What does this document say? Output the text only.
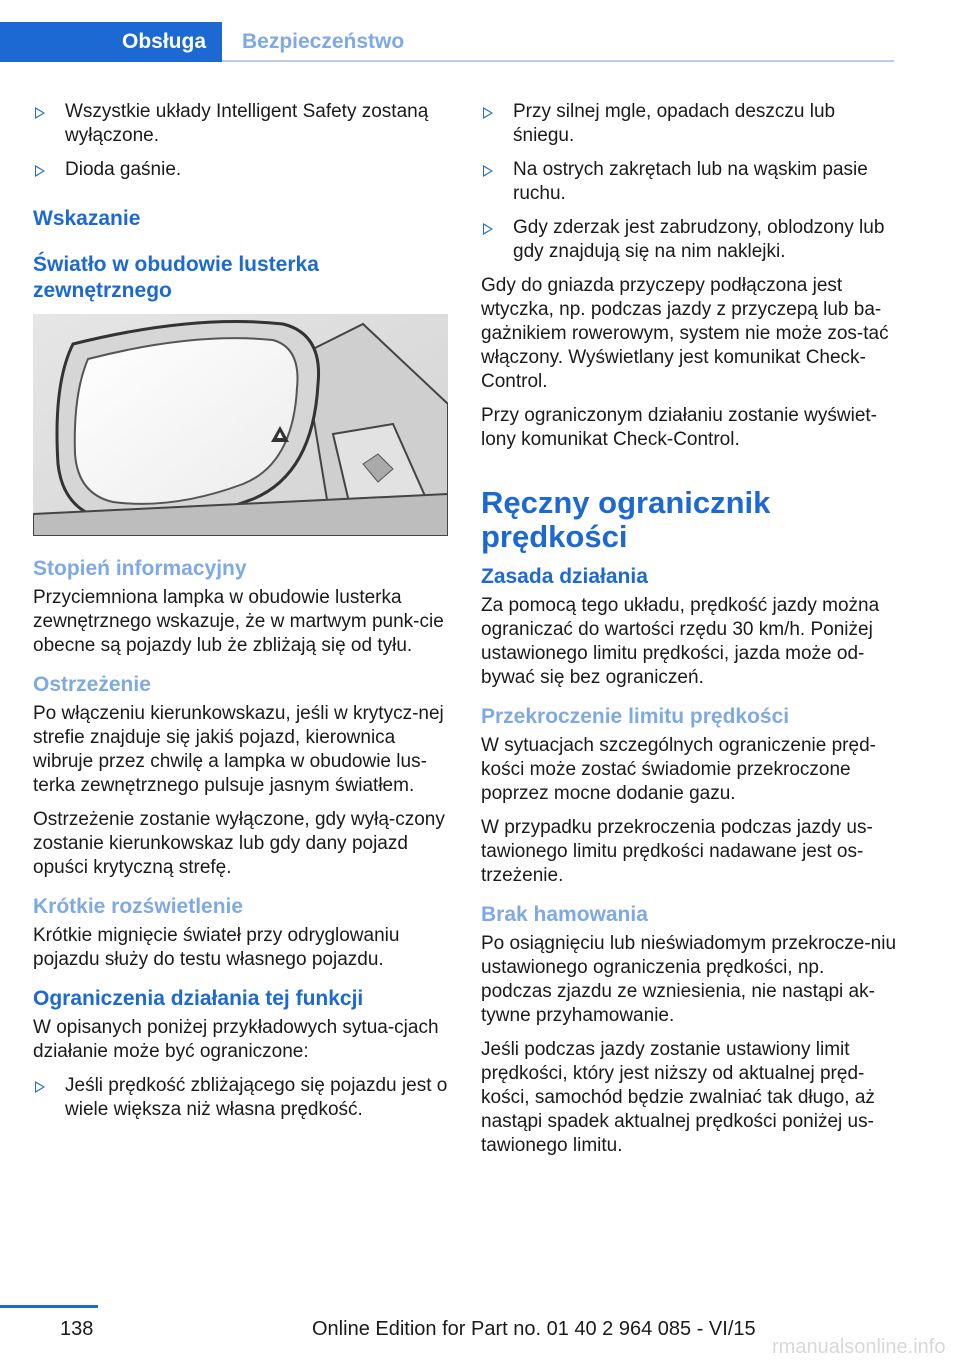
Obsługa	Bezpieczeństwo
Wszystkie układy Intelligent Safety zostaną wyłączone.
Dioda gaśnie.
Wskazanie
Światło w obudowie lusterka zewnętrznego
Stopień informacyjny

Przyciemniona lampka w obudowie lusterka zewnętrznego wskazuje, że w martwym punk-cie obecne są pojazdy lub że zbliżają się od tyłu.

Ostrzeżenie

Po włączeniu kierunkowskazu, jeśli w krytycz-nej strefie znajduje się jakiś pojazd, kierownica wibruje przez chwilę a lampka w obudowie lus-terka zewnętrznego pulsuje jasnym światłem.

Ostrzeżenie zostanie wyłączone, gdy wyłą-czony zostanie kierunkowskaz lub gdy dany pojazd opuści krytyczną strefę.

Krótkie rozświetlenie

Krótkie mignięcie świateł przy odryglowaniu pojazdu służy do testu własnego pojazdu.

Ograniczenia działania tej funkcji

W opisanych poniżej przykładowych sytua-cjach działanie może być ograniczone:

Jeśli prędkość zbliżającego się pojazdu jest o wiele większa niż własna prędkość.
Przy silnej mgle, opadach deszczu lub śniegu.
Na ostrych zakrętach lub na wąskim pasie ruchu.
Gdy zderzak jest zabrudzony, oblodzony lub gdy znajdują się na nim naklejki.

Gdy do gniazda przyczepy podłączona jest wtyczka, np. podczas jazdy z przyczepą lub ba-gażnikiem rowerowym, system nie może zos-tać włączony. Wyświetlany jest komunikat Check-Control.

Przy ograniczonym działaniu zostanie wyświet-lony komunikat Check-Control.

Ręczny ogranicznik prędkości
Zasada działania

Za pomocą tego układu, prędkość jazdy można ograniczać do wartości rzędu 30 km/h. Poniżej ustawionego limitu prędkości, jazda może od-bywać się bez ograniczeń.

Przekroczenie limitu prędkości

W sytuacjach szczególnych ograniczenie pręd-kości może zostać świadomie przekroczone poprzez mocne dodanie gazu.

W przypadku przekroczenia podczas jazdy us-tawionego limitu prędkości nadawane jest os-trzeżenie.

Brak hamowania

Po osiągnięciu lub nieświadomym przekrocze-niu ustawionego ograniczenia prędkości, np. podczas zjazdu ze wzniesienia, nie nastąpi ak-tywne przyhamowanie.

Jeśli podczas jazdy zostanie ustawiony limit prędkości, który jest niższy od aktualnej pręd-kości, samochód będzie zwalniać tak długo, aż nastąpi spadek aktualnej prędkości poniżej us-tawionego limitu.

138	Online Edition for Part no. 01 40 2 964 085 - VI/15
rmanualsonline.info
